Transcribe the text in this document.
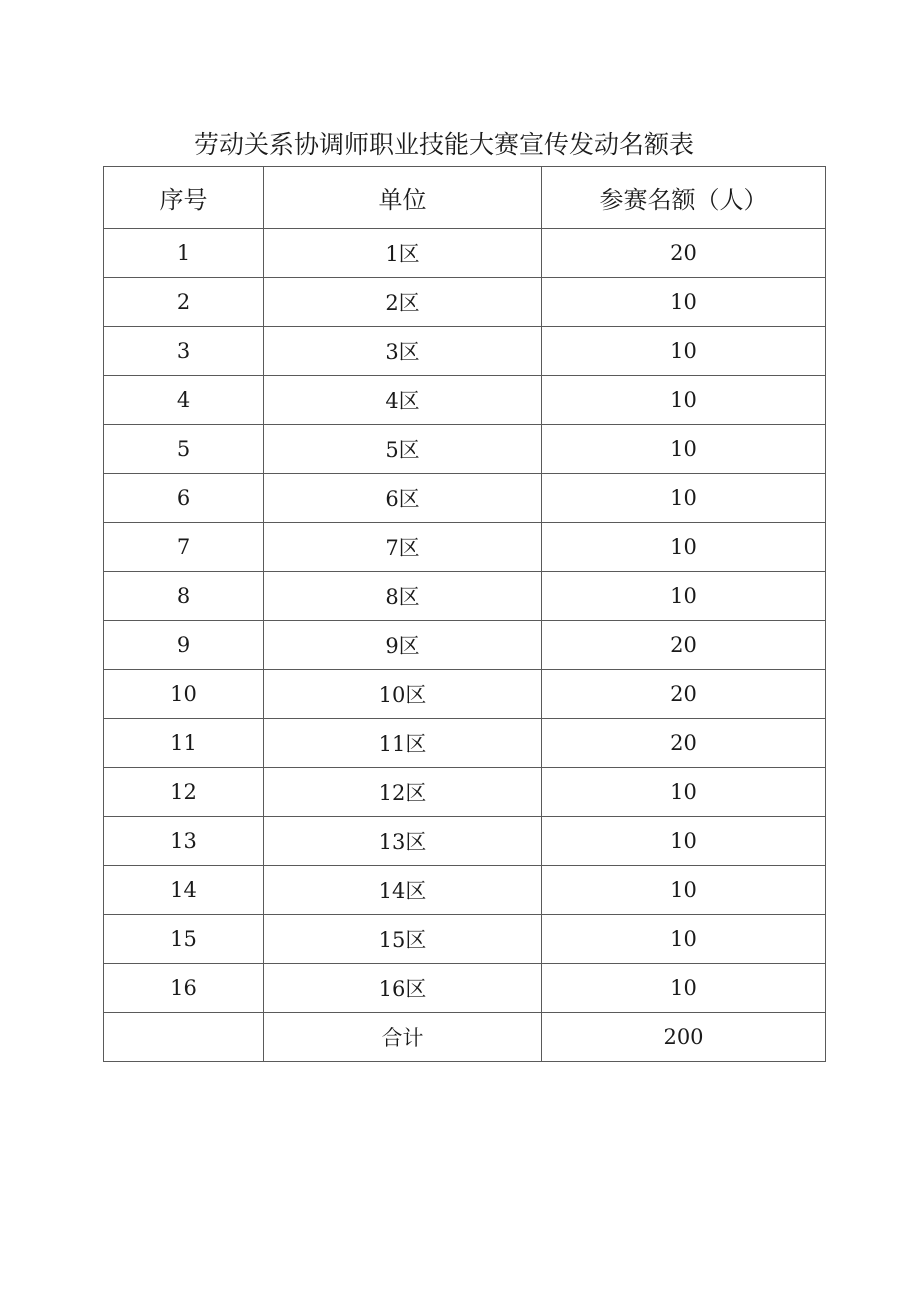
劳动关系协调师职业技能大赛宣传发动名额表
序号	单位	参赛名额（人）
1	1区	20
2	2区	10
3	3区	10
4	4区	10
5	5区	10
6	6区	10
7	7区	10
8	8区	10
9	9区	20
10	10区	20
11	11区	20
12	12区	10
13	13区	10
14	14区	10
15	15区	10
16	16区	10
	合计	200
